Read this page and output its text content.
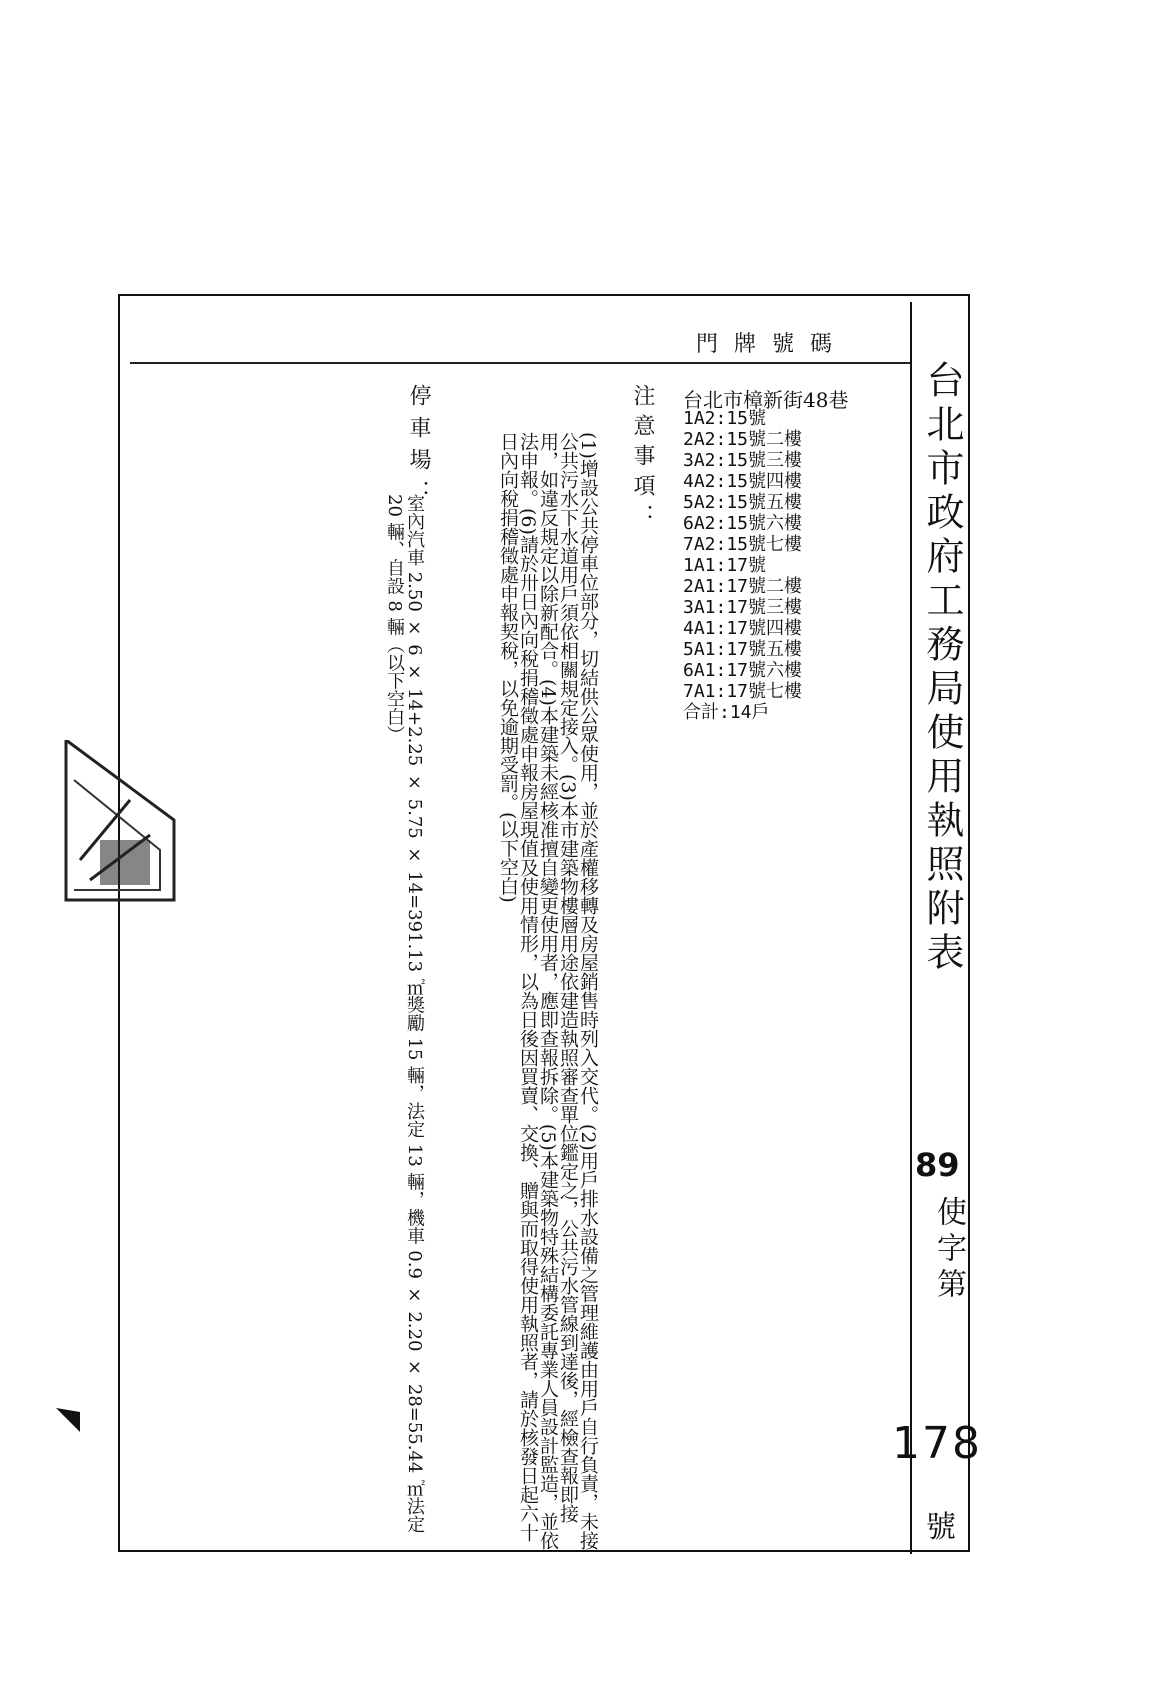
台北市政府工務局使用執照附表
89
使字第
178
號
門牌號碼
台北市樟新街48巷
1A2:15號
2A2:15號二樓
3A2:15號三樓
4A2:15號四樓
5A2:15號五樓
6A2:15號六樓
7A2:15號七樓
1A1:17號
2A1:17號二樓
3A1:17號三樓
4A1:17號四樓
5A1:17號五樓
6A1:17號六樓
7A1:17號七樓
合計:14戶
注意事項：
(1)增設公共停車位部分，切結供公眾使用，並於產權移轉及房屋銷售時列入交代。(2)用戶排水設備之管理維護由用戶自行負責，未接公共污水下水道用戶須依相關規定接入。(3)本市建築物樓層用途依建造執照審查單位鑑定之，公共污水管線到達後，經檢查報即接用，如違反規定以除新配合。(4)本建築未經核准擅自變更使用者，應即查報拆除。(5)本建築物特殊結構委託專業人員設計監造，並依法申報。(6)請於卅日內向稅捐稽徵處申報房屋現值及使用情形，以為日後因買賣、交換、贈與而取得使用執照者，請於核發日起六十日內向稅捐稽徵處申報契稅，以免逾期受罰。(以下空白)
停車場：
室內汽車 2.50 × 6 × 14+2.25 × 5.75 × 14=391.13 ㎡獎勵 15 輛，法定 13 輛，機車 0.9 × 2.20 × 28=55.44 ㎡法定 20 輛、自設 8 輛（以下空白）
